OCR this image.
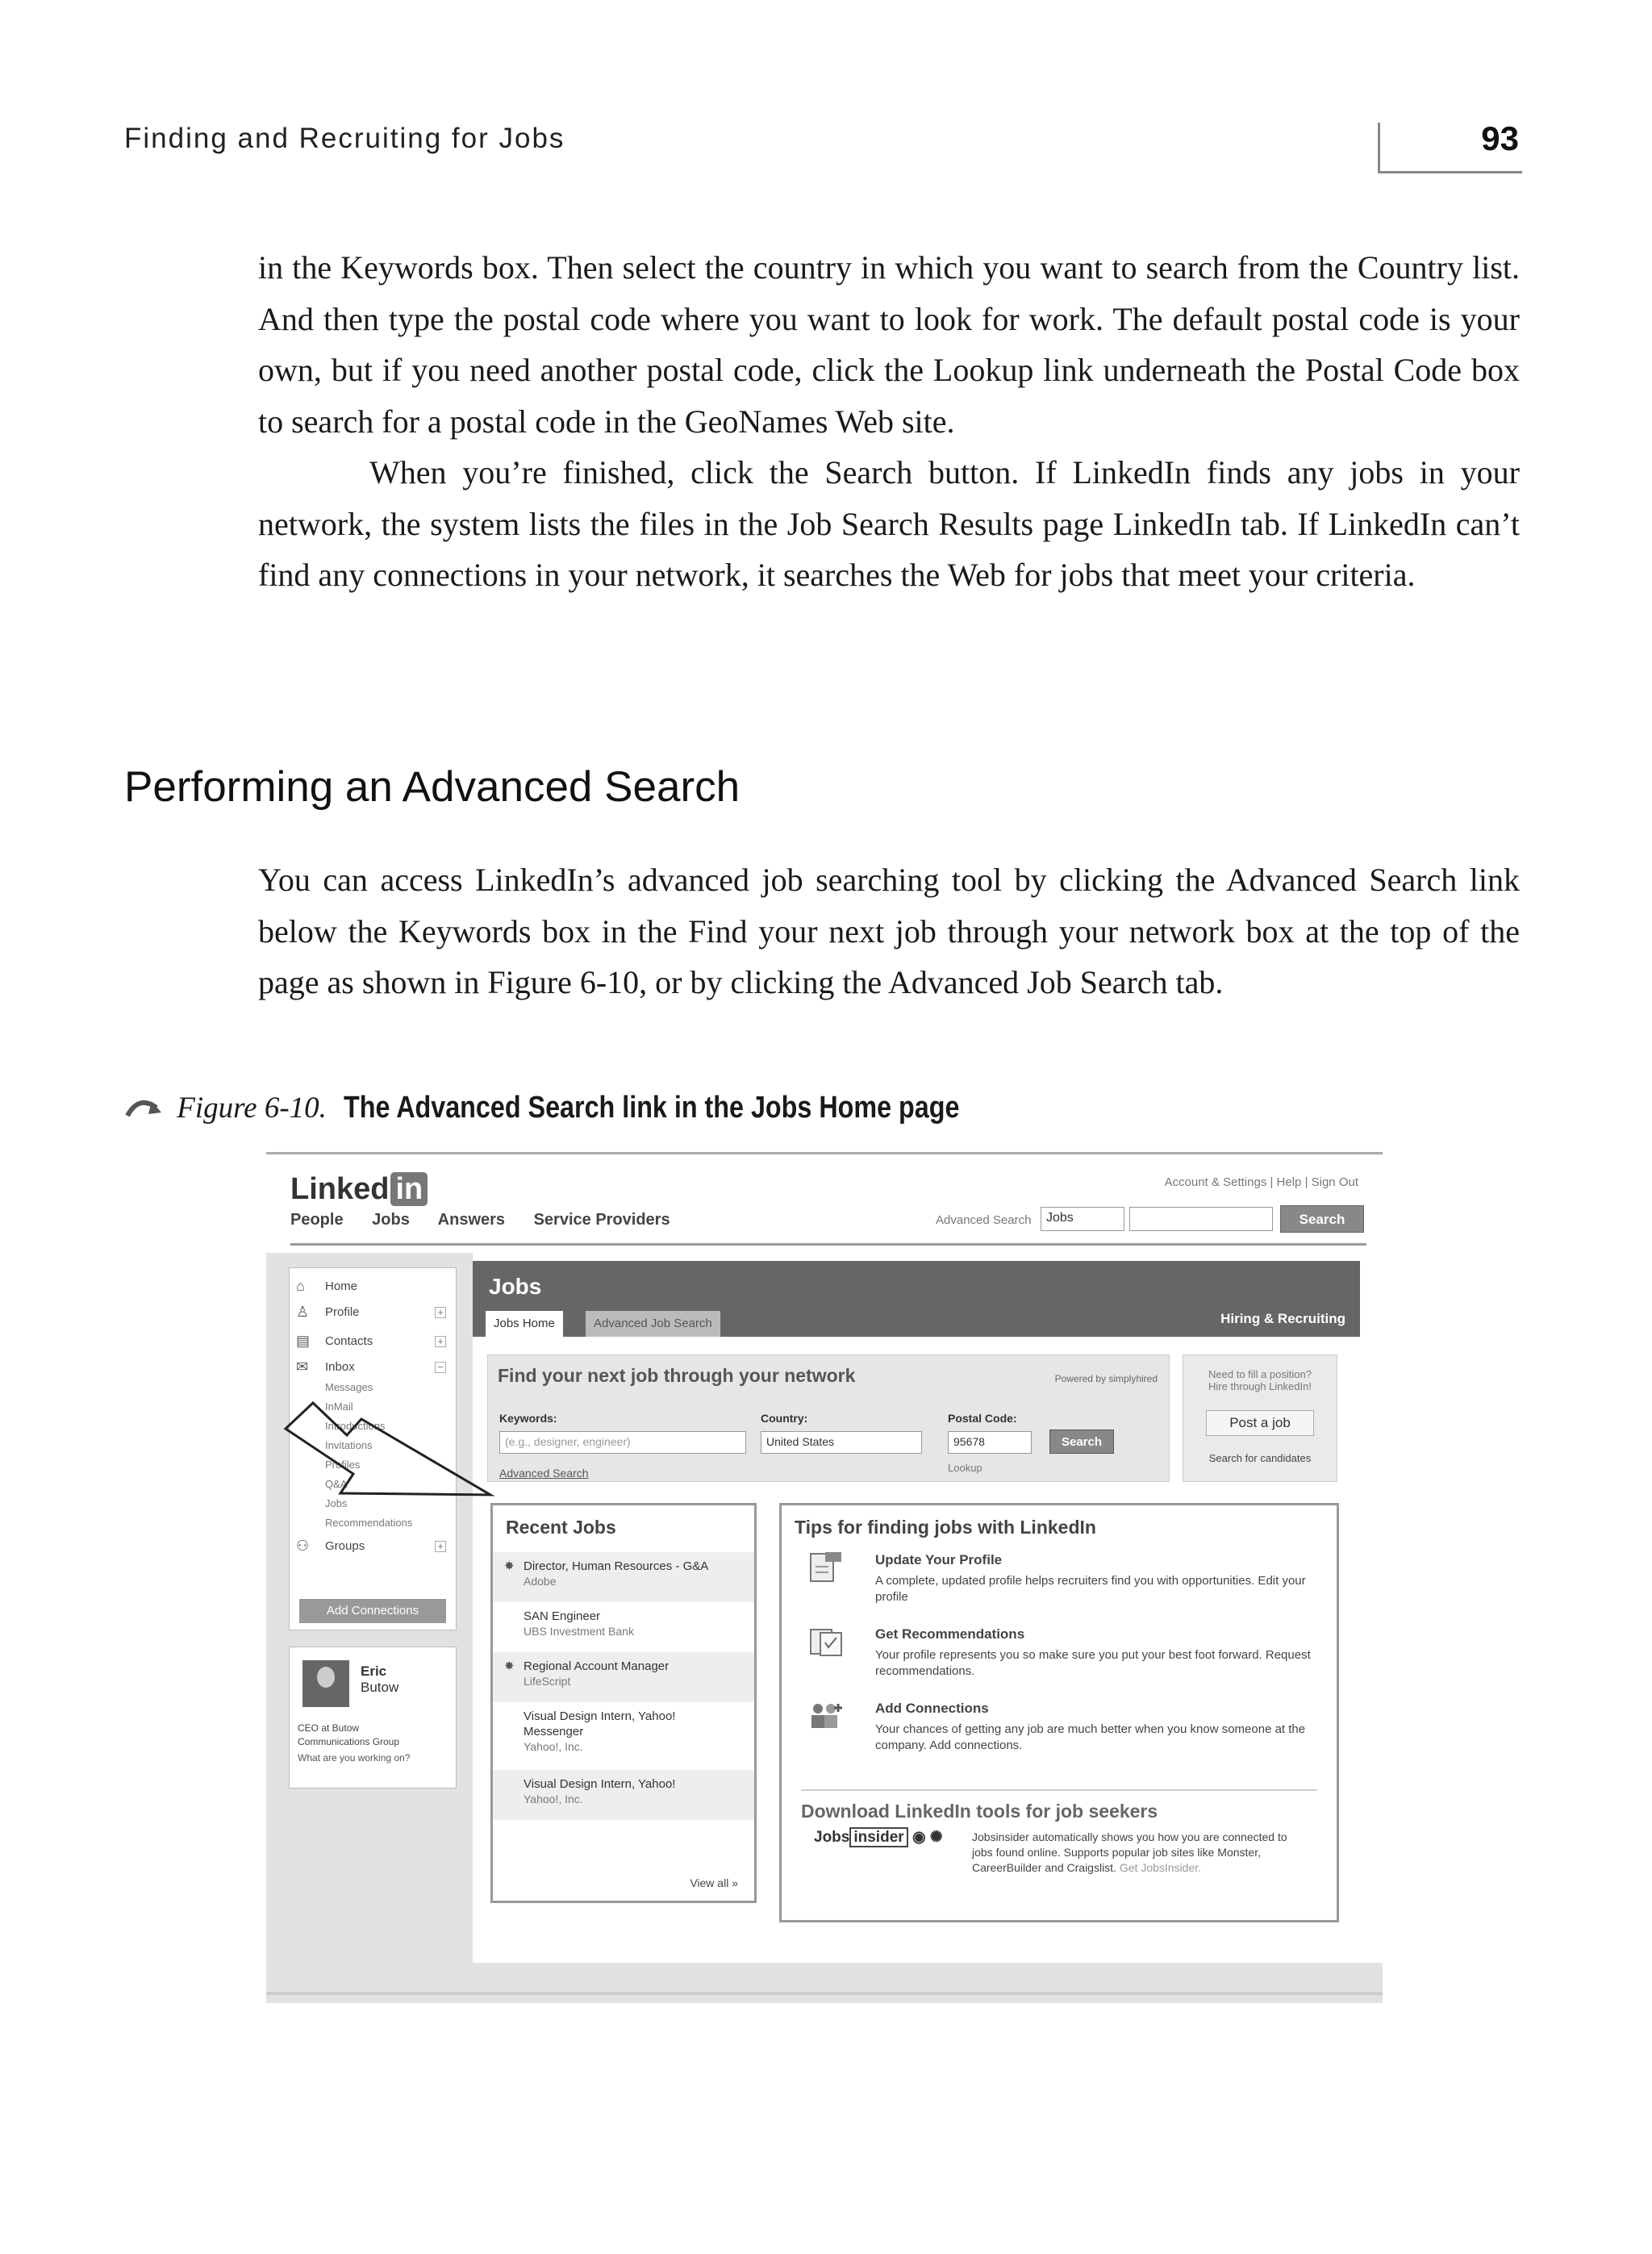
Finding and Recruiting for Jobs	93

in the Keywords box. Then select the country in which you want to search from the Country list. And then type the postal code where you want to look for work. The default postal code is your own, but if you need another postal code, click the Lookup link underneath the Postal Code box to search for a postal code in the GeoNames Web site.

When you’re finished, click the Search button. If LinkedIn finds any jobs in your network, the system lists the files in the Job Search Results page LinkedIn tab. If LinkedIn can’t find any connections in your network, it searches the Web for jobs that meet your criteria.

Performing an Advanced Search

You can access LinkedIn’s advanced job searching tool by clicking the Advanced Search link below the Keywords box in the Find your next job through your network box at the top of the page as shown in Figure 6-10, or by clicking the Advanced Job Search tab.

Figure 6-10. The Advanced Search link in the Jobs Home page
Linked in	Account & Settings | Help | Sign Out
People Jobs Answers Service Providers	Advanced Search	Jobs	Search
⌂ Home
♙ Profile	+
▤ Contacts	+
✉ Inbox	−
Messages
InMail
Introductions
Invitations
Profiles
Q&A
Jobs
Recommendations
⚇ Groups	+
Add Connections
Eric
Butow
CEO at Butow
Communications Group
What are you working on?
Jobs
Jobs Home	Advanced Job Search	Hiring & Recruiting
Find your next job through your network	Powered by simplyhired
Keywords:
(e.g., designer, engineer)
Country:
United States
Postal Code:
95678	Search
Advanced Search	Lookup
Need to fill a position?
Hire through LinkedIn!
Post a job
Search for candidates
Recent Jobs
✸ Director, Human Resources - G&A
Adobe
SAN Engineer
UBS Investment Bank
✸ Regional Account Manager
LifeScript
Visual Design Intern, Yahoo! Messenger
Yahoo!, Inc.
Visual Design Intern, Yahoo!
Yahoo!, Inc.
View all »
Tips for finding jobs with LinkedIn
Update Your Profile
A complete, updated profile helps recruiters find you with opportunities. Edit your profile
Get Recommendations
Your profile represents you so make sure you put your best foot forward. Request recommendations.
Add Connections
Your chances of getting any job are much better when you know someone at the company. Add connections.
Download LinkedIn tools for job seekers
Jobs insider ◉ ✺	Jobsinsider automatically shows you how you are connected to jobs found online. Supports popular job sites like Monster, CareerBuilder and Craigslist. Get JobsInsider.
